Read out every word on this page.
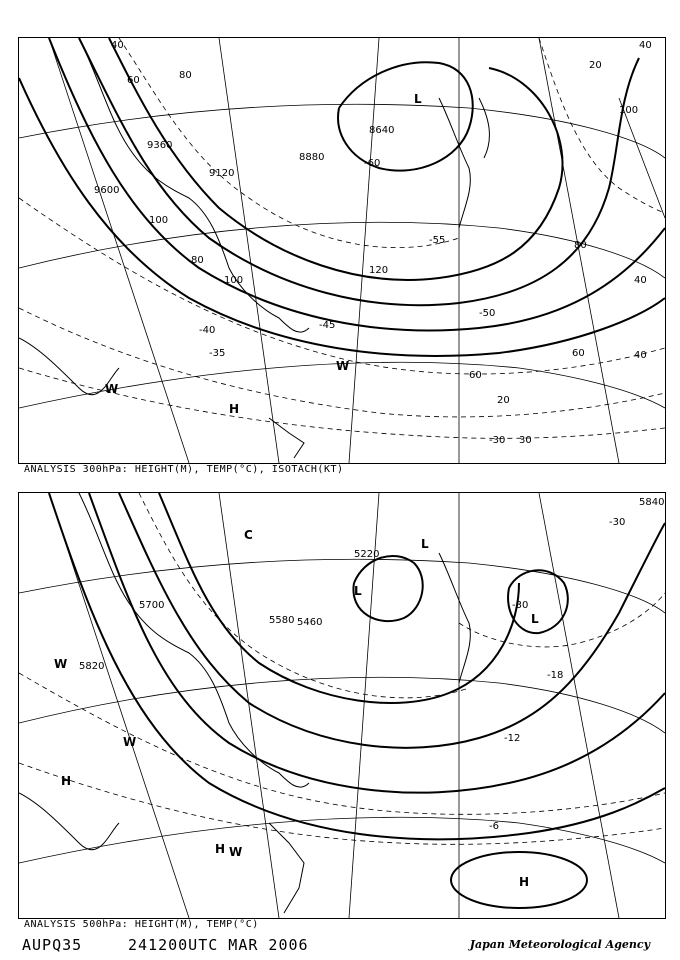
8640
8880
9120
9360
9600
40
60	80
100
120
100
80
60
20
100
40
20
40
80
60	40
30
-60
-55
-50
-45
-40
-35
-30
L
W
H
W
ANALYSIS 300hPa: HEIGHT(M), TEMP(°C), ISOTACH(KT)
5220
5460
5580
5700
5820
5840
-30
-30
-18
-12
-6
C
L
L
L
W
W
H
H
H
W
ANALYSIS 500hPa: HEIGHT(M), TEMP(°C)
AUPQ35	241200UTC MAR 2006	Japan Meteorological Agency
